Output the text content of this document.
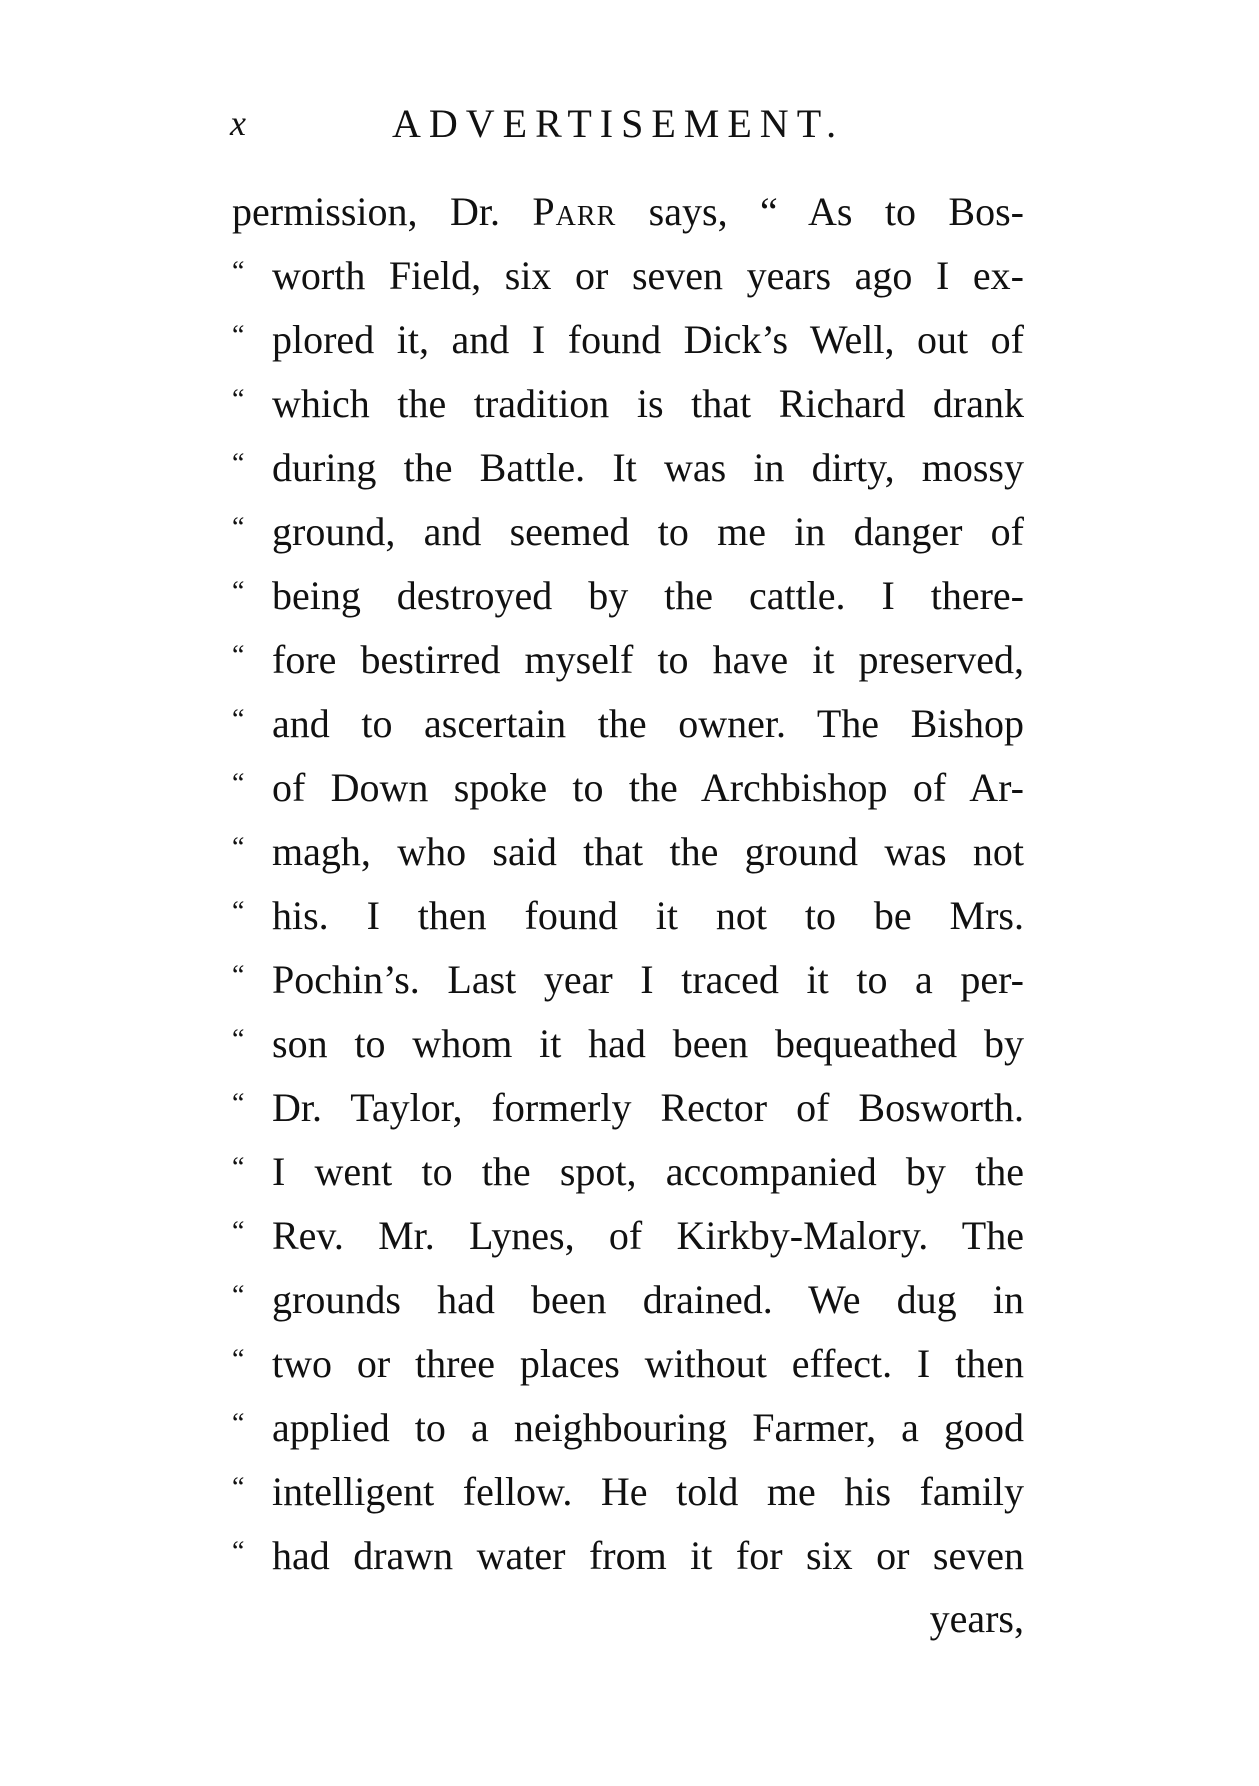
x	ADVERTISEMENT.
permission, Dr. Parr says, “ As to Bos-
“ worth Field, six or seven years ago I ex-
“ plored it, and I found Dick’s Well, out of
“ which the tradition is that Richard drank
“ during the Battle. It was in dirty, mossy
“ ground, and seemed to me in danger of
“ being destroyed by the cattle. I there-
“ fore bestirred myself to have it preserved,
“ and to ascertain the owner. The Bishop
“ of Down spoke to the Archbishop of Ar-
“ magh, who said that the ground was not
“ his. I then found it not to be Mrs.
“ Pochin’s. Last year I traced it to a per-
“ son to whom it had been bequeathed by
“ Dr. Taylor, formerly Rector of Bosworth.
“ I went to the spot, accompanied by the
“ Rev. Mr. Lynes, of Kirkby-Malory. The
“ grounds had been drained. We dug in
“ two or three places without effect. I then
“ applied to a neighbouring Farmer, a good
“ intelligent fellow. He told me his family
“ had drawn water from it for six or seven
years,
